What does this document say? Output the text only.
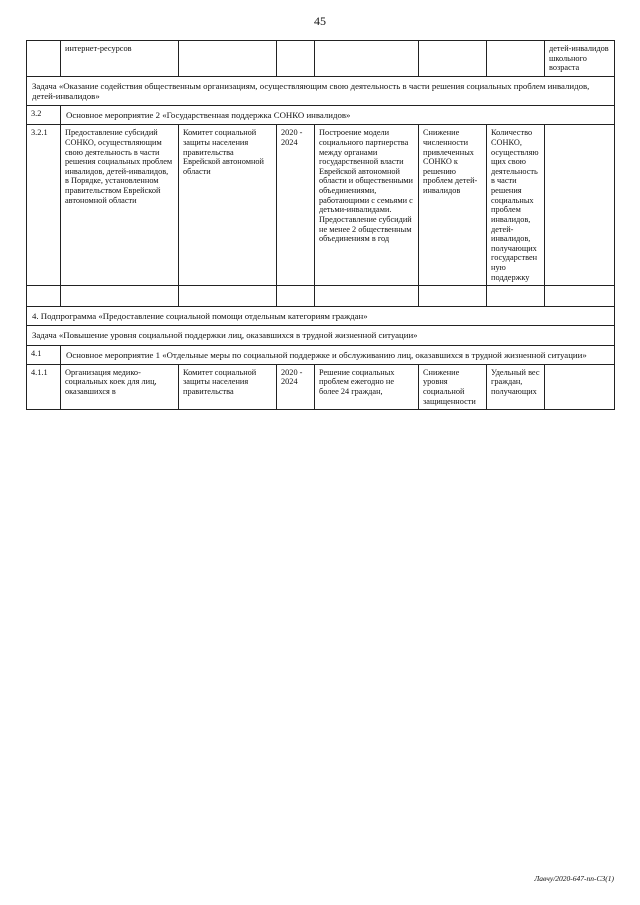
45
	интернет-ресурсов						детей-инвалидов школьного возраста
Задача «Оказание содействия общественным организациям, осуществляющим свою деятельность в части решения социальных проблем инвалидов, детей-инвалидов»							
3.2	Основное мероприятие 2 «Государственная поддержка СОНКО инвалидов»						
3.2.1	Предоставление субсидий СОНКО, осуществляющим свою деятельность в части решения социальных проблем инвалидов, детей-инвалидов, в Порядке, установленном правительством Еврейской автономной области	Комитет социальной защиты населения правительства Еврейской автономной области	2020 - 2024	Построение модели социального партнерства между органами государственной власти Еврейской автономной области и общественными объединениями, работающими с семьями с детьми-инвалидами. Предоставление субсидий не менее 2 общественным объединениям в год	Снижение численности привлеченных СОНКО к решению проблем детей-инвалидов	Количество СОНКО, осуществляющих свою деятельность в части решения социальных проблем инвалидов, детей-инвалидов, получающих государственную поддержку	

4. Подпрограмма «Предоставление социальной помощи отдельным категориям граждан»							
Задача «Повышение уровня социальной поддержки лиц, оказавшихся в трудной жизненной ситуации»							
4.1	Основное мероприятие 1 «Отдельные меры по социальной поддержке и обслуживанию лиц, оказавшихся в трудной жизненной ситуации»						
4.1.1	Организация медико-социальных коек для лиц, оказавшихся в	Комитет социальной защиты населения правительства	2020 - 2024	Решение социальных проблем ежегодно не более 24 граждан,	Снижение уровня социальной защищенности	Удельный вес граждан, получающих	
Лавчу/2020-647-пп-СЗ(1)
